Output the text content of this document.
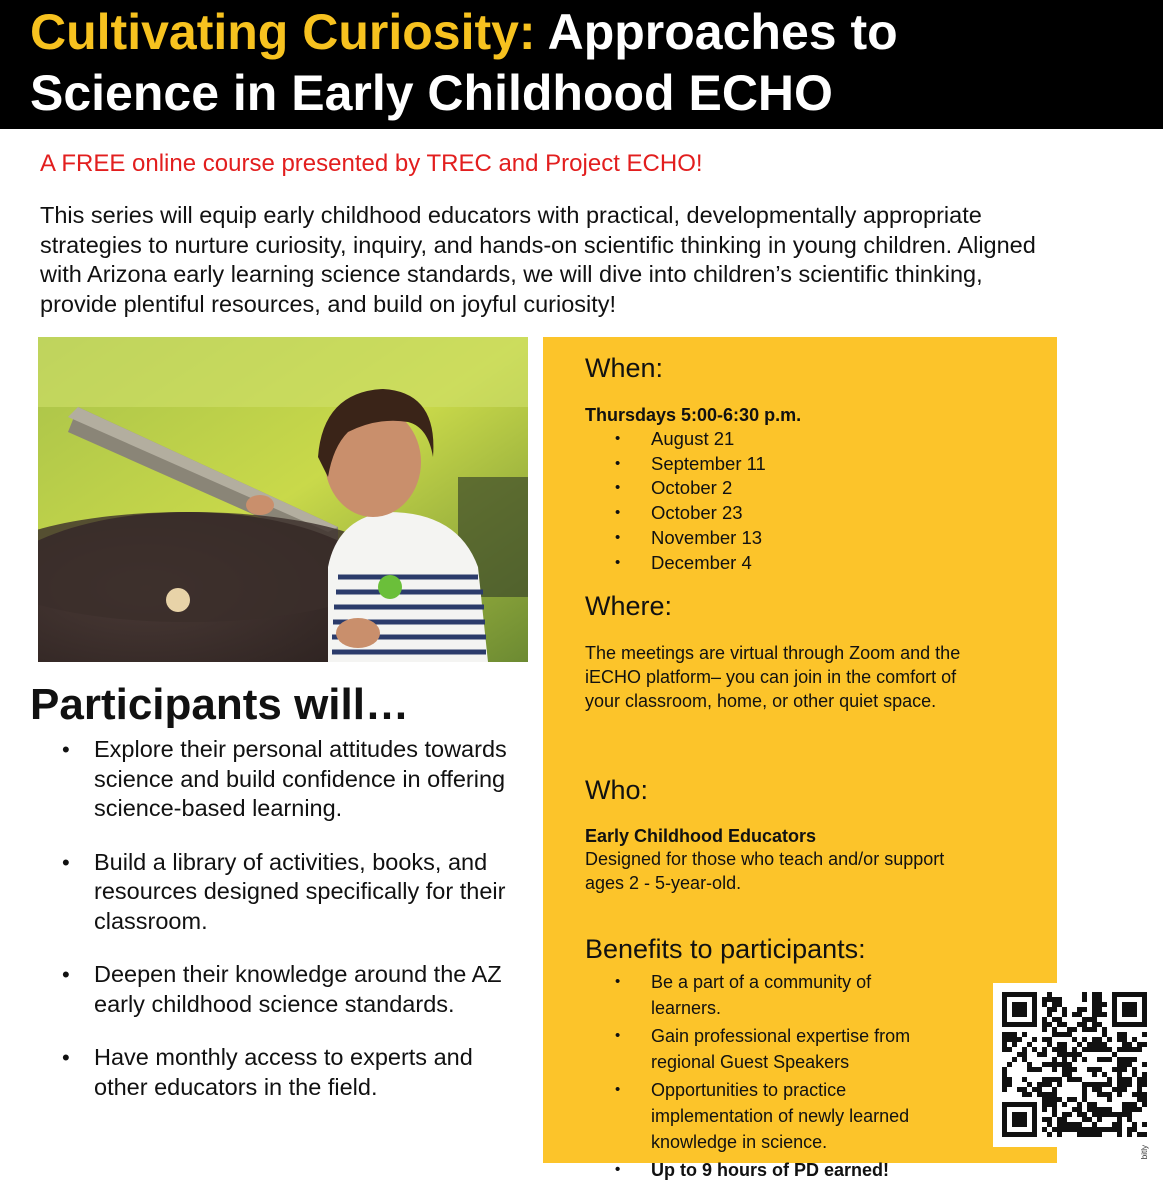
Cultivating Curiosity: Approaches to
Science in Early Childhood ECHO

A FREE online course presented by TREC and Project ECHO!

This series will equip early childhood educators with practical, developmentally appropriate strategies to nurture curiosity, inquiry, and hands-on scientific thinking in young children. Aligned with Arizona early learning science standards, we will dive into children’s scientific thinking, provide plentiful resources, and build on joyful curiosity!

Participants will…
• Explore their personal attitudes towards science and build confidence in offering science-based learning.
• Build a library of activities, books, and resources designed specifically for their classroom.
• Deepen their knowledge around the AZ early childhood science standards.
• Have monthly access to experts and other educators in the field.
When:

Thursdays 5:00-6:30 p.m.

• August 21
• September 11
• October 2
• October 23
• November 13
• December 4
Where:

The meetings are virtual through Zoom and the iECHO platform– you can join in the comfort of your classroom, home, or other quiet space.

Who:

Early Childhood Educators

Designed for those who teach and/or support ages 2 - 5-year-old.

Benefits to participants:
• Be a part of a community of learners.
• Gain professional expertise from regional Guest Speakers
• Opportunities to practice implementation of newly learned knowledge in science.
• Up to 9 hours of PD earned!
bitly
